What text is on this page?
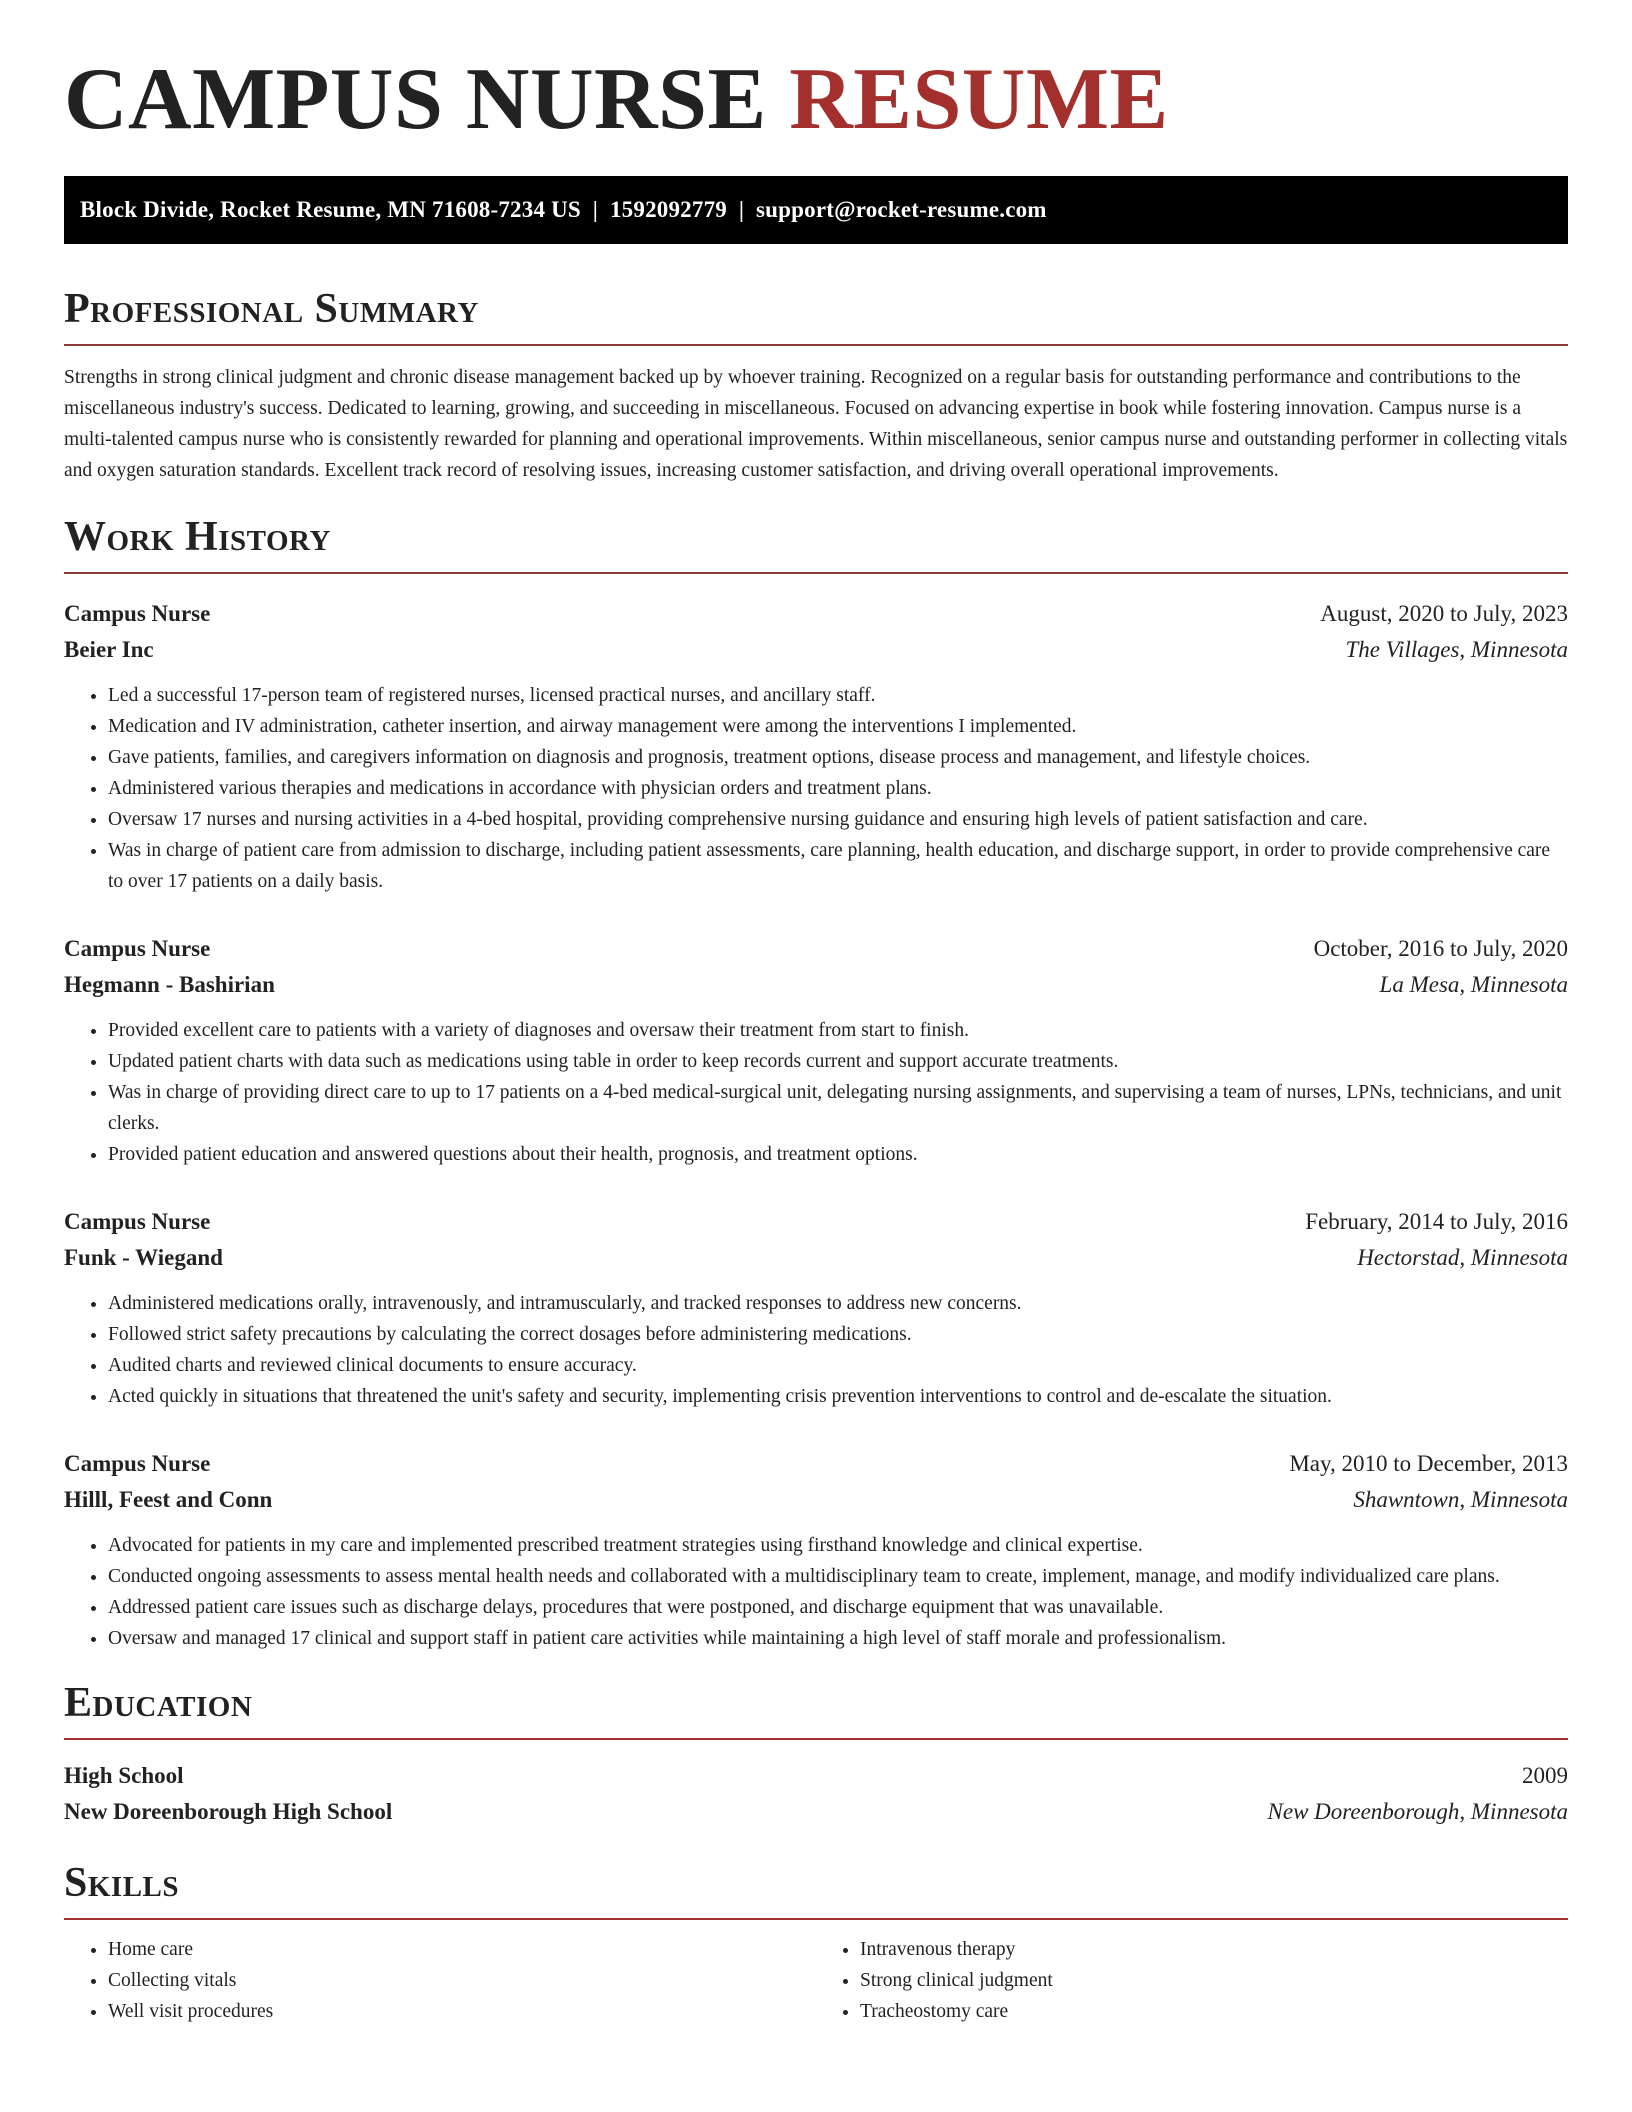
CAMPUS NURSE RESUME
Block Divide, Rocket Resume, MN 71608-7234 US  |  1592092779  |  support@rocket-resume.com
Professional Summary

Strengths in strong clinical judgment and chronic disease management backed up by whoever training. Recognized on a regular basis for outstanding performance and contributions to the miscellaneous industry's success. Dedicated to learning, growing, and succeeding in miscellaneous. Focused on advancing expertise in book while fostering innovation. Campus nurse is a multi-talented campus nurse who is consistently rewarded for planning and operational improvements. Within miscellaneous, senior campus nurse and outstanding performer in collecting vitals and oxygen saturation standards. Excellent track record of resolving issues, increasing customer satisfaction, and driving overall operational improvements.

Work History
Campus Nurse	August, 2020 to July, 2023
Beier Inc	The Villages, Minnesota
• Led a successful 17-person team of registered nurses, licensed practical nurses, and ancillary staff.
• Medication and IV administration, catheter insertion, and airway management were among the interventions I implemented.
• Gave patients, families, and caregivers information on diagnosis and prognosis, treatment options, disease process and management, and lifestyle choices.
• Administered various therapies and medications in accordance with physician orders and treatment plans.
• Oversaw 17 nurses and nursing activities in a 4-bed hospital, providing comprehensive nursing guidance and ensuring high levels of patient satisfaction and care.
• Was in charge of patient care from admission to discharge, including patient assessments, care planning, health education, and discharge support, in order to provide comprehensive care to over 17 patients on a daily basis.
Campus Nurse	October, 2016 to July, 2020
Hegmann - Bashirian	La Mesa, Minnesota
• Provided excellent care to patients with a variety of diagnoses and oversaw their treatment from start to finish.
• Updated patient charts with data such as medications using table in order to keep records current and support accurate treatments.
• Was in charge of providing direct care to up to 17 patients on a 4-bed medical-surgical unit, delegating nursing assignments, and supervising a team of nurses, LPNs, technicians, and unit clerks.
• Provided patient education and answered questions about their health, prognosis, and treatment options.
Campus Nurse	February, 2014 to July, 2016
Funk - Wiegand	Hectorstad, Minnesota
• Administered medications orally, intravenously, and intramuscularly, and tracked responses to address new concerns.
• Followed strict safety precautions by calculating the correct dosages before administering medications.
• Audited charts and reviewed clinical documents to ensure accuracy.
• Acted quickly in situations that threatened the unit's safety and security, implementing crisis prevention interventions to control and de-escalate the situation.
Campus Nurse	May, 2010 to December, 2013
Hilll, Feest and Conn	Shawntown, Minnesota
• Advocated for patients in my care and implemented prescribed treatment strategies using firsthand knowledge and clinical expertise.
• Conducted ongoing assessments to assess mental health needs and collaborated with a multidisciplinary team to create, implement, manage, and modify individualized care plans.
• Addressed patient care issues such as discharge delays, procedures that were postponed, and discharge equipment that was unavailable.
• Oversaw and managed 17 clinical and support staff in patient care activities while maintaining a high level of staff morale and professionalism.
Education
High School	2009
New Doreenborough High School	New Doreenborough, Minnesota
Skills
• Home care
• Collecting vitals
• Well visit procedures
• Intravenous therapy
• Strong clinical judgment
• Tracheostomy care
